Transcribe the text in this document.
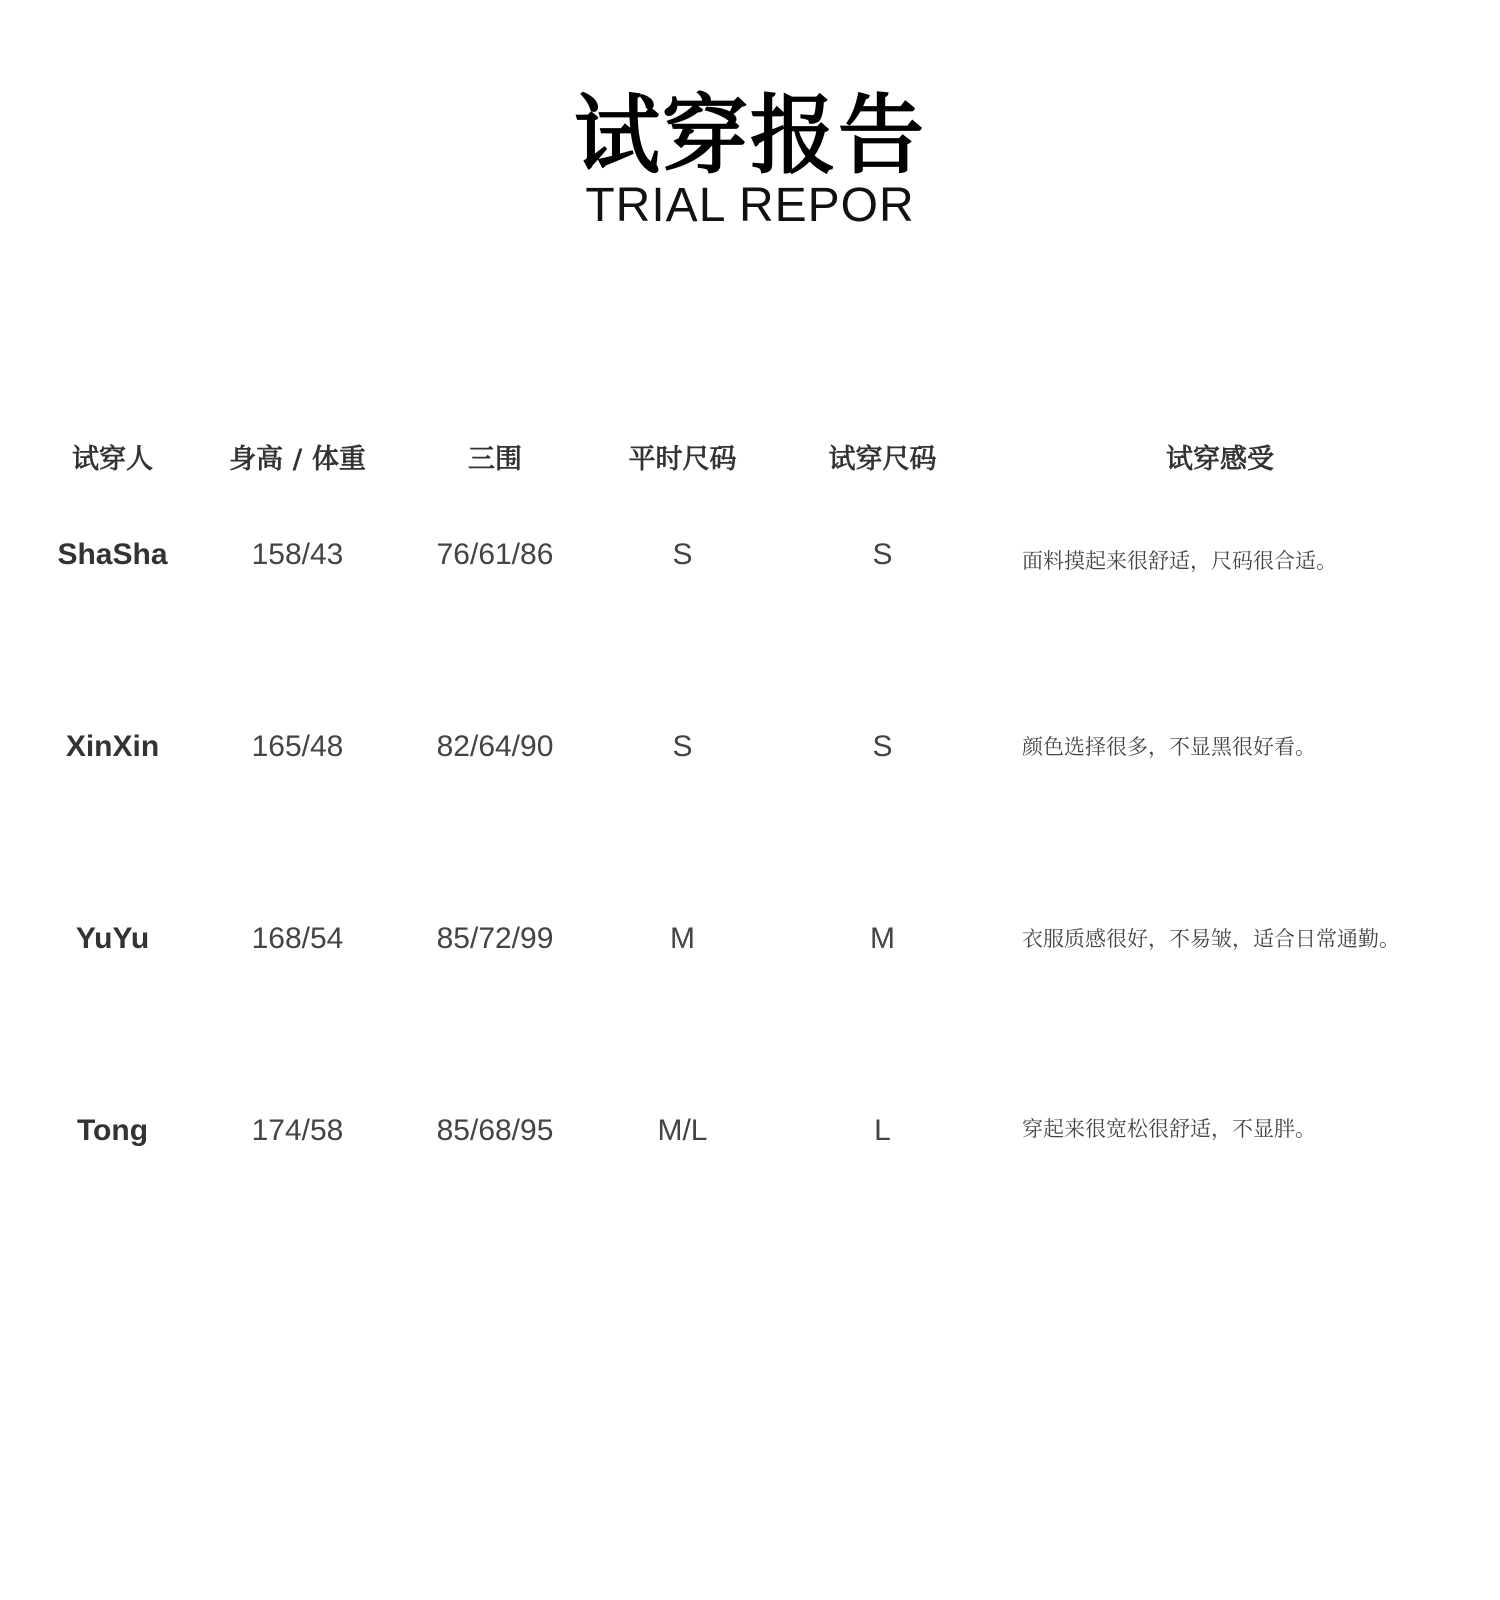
试穿报告
TRIAL REPOR
试穿人	身高 / 体重	三围	平时尺码	试穿尺码	试穿感受
ShaSha	158/43	76/61/86	S	S	面料摸起来很舒适，尺码很合适。
XinXin	165/48	82/64/90	S	S	颜色选择很多，不显黑很好看。
YuYu	168/54	85/72/99	M	M	衣服质感很好，不易皱，适合日常通勤。
Tong	174/58	85/68/95	M/L	L	穿起来很宽松很舒适，不显胖。
